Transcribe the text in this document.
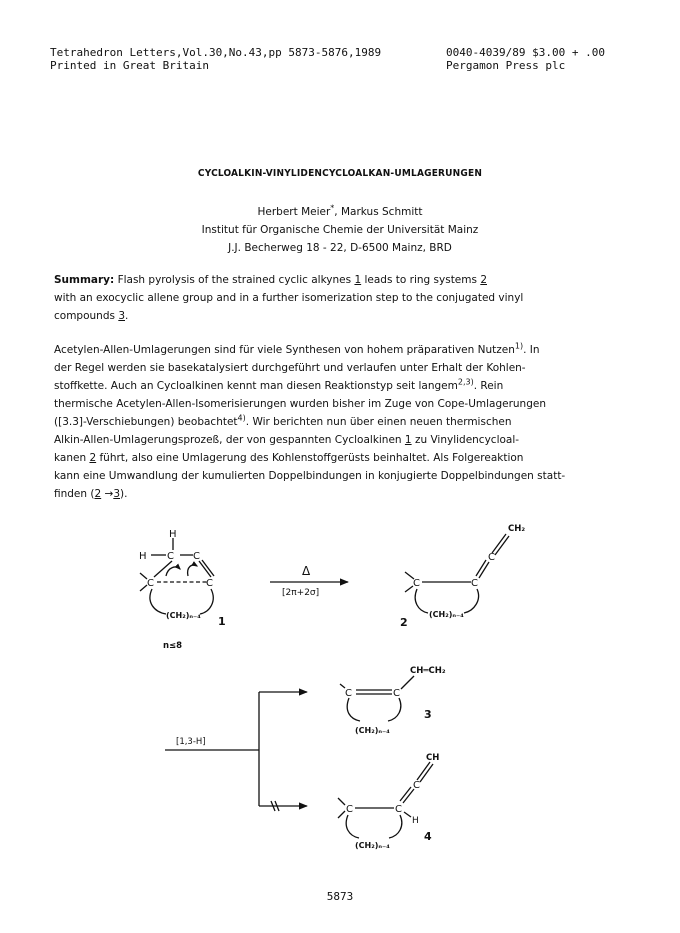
Tetrahedron Letters,Vol.30,No.43,pp 5873-5876,1989
Printed in Great Britain
0040-4039/89 $3.00 + .00
Pergamon Press plc
CYCLOALKIN-VINYLIDENCYCLOALKAN-UMLAGERUNGEN
Herbert Meier*, Markus Schmitt
Institut für Organische Chemie der Universität Mainz
J.J. Becherweg 18 - 22, D-6500 Mainz, BRD
Summary: Flash pyrolysis of the strained cyclic alkynes 1 leads to ring systems 2
with an exocyclic allene group and in a further isomerization step to the conjugated vinyl
compounds 3.
Acetylen-Allen-Umlagerungen sind für viele Synthesen von hohem präparativen Nutzen$^{1)}$. In
der Regel werden sie basekatalysiert durchgeführt und verlaufen unter Erhalt der Kohlen-
stoffkette. Auch an Cycloalkinen kennt man diesen Reaktionstyp seit langem$^{2,3)}$. Rein
thermische Acetylen-Allen-Isomerisierungen wurden bisher im Zuge von Cope-Umlagerungen
([3.3]-Verschiebungen) beobachtet$^{4)}$. Wir berichten nun über einen neuen thermischen
Alkin-Allen-Umlagerungsprozeß, der von gespannten Cycloalkinen 1 zu Vinylidencycloal-
kanen 2 führt, also eine Umlagerung des Kohlenstoffgerüsts beinhaltet. Als Folgereaktion
kann eine Umwandlung der kumulierten Doppelbindungen in konjugierte Doppelbindungen statt-
finden (2 →3).
H
H C C
C	C
(CH₂)ₙ₋₄ 1
n≤8
Δ
[2π+2σ]
CH₂
C
C	C
(CH₂)ₙ₋₄
2
[1,3-H]
CH═CH₂
C	C
(CH₂)ₙ₋₄
3
CH
C
C	C
H
(CH₂)ₙ₋₄
4
5873
